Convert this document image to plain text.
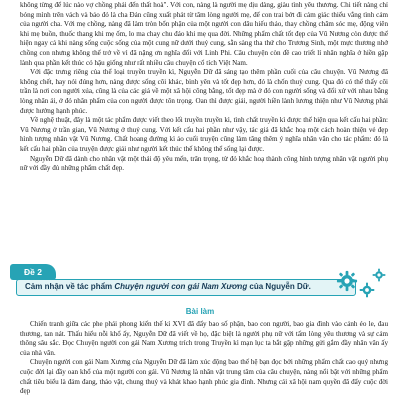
không từng để lúc nào vợ chồng phải đến thất hoà". Với con, nàng là người mẹ dịu dàng, giàu tình yêu thương. Chi tiết nàng chỉ bóng mình trên vách và bảo đó là cha Đản cũng xuất phát từ tâm lòng người mẹ, để con trai bớt đi cảm giác thiếu vắng tình cảm của người cha. Với mẹ chồng, nàng đã làm tròn bổn phận của một người con dâu hiếu thảo, thay chồng chăm sóc mẹ, động viên khi mẹ buồn, thuốc thang khi mẹ ốm, lo ma chay chu đáo khi mẹ qua đời. Những phẩm chất tốt đẹp của Vũ Nương còn được thể hiện ngay cả khi nàng sống cuộc sống của một cung nữ dưới thuỷ cung, sẵn sàng tha thứ cho Trương Sinh, một mực thương nhớ chồng con nhưng không thể trở về vì đã nặng ơn nghĩa đối với Linh Phi. Câu chuyện còn đề cao triết lí nhân nghĩa ở hiền gặp lành qua phần kết thúc có hậu giống như rất nhiều câu chuyện cổ tích Việt Nam.

Với đặc trưng riêng của thể loại truyền truyền kì, Nguyễn Dữ đã sáng tạo thêm phần cuối của câu chuyện. Vũ Nương đã không chết, hay nói đúng hơn, nàng được sống cõi khác, bình yên và tốt đẹp hơn, đó là chốn thuỷ cung. Qua đó có thể thấy cõi trần là nơi con người xúa, cũng là của các giá về một xã hội công bằng, tốt đẹp mà ở đó con người sống và đối xử với nhau bằng lòng nhân ái, ở đó nhân phẩm của con người được tôn trọng. Oan thì được giải, người hiền lành lương thiện như Vũ Nương phải được hưởng hạnh phúc.

Về nghệ thuật, đây là một tác phẩm được viết theo lối truyền truyền kì, tình chất truyền kì được thể hiện qua kết cấu hai phần: Vũ Nương ở trần gian, Vũ Nương ở thuỷ cung. Với kết cấu hai phần như vậy, tác giả đã khắc hoạ một cách hoàn thiện vẻ đẹp hình tượng nhân vật Vũ Nương. Chất hoang đường kì ảo cuối truyện cũng làm tăng thêm ý nghĩa nhân văn cho tác phẩm: đó là kết cấu hai phần của truyện được giải như người kết thúc thế không thể sống lại được.

Nguyễn Dữ đã dành cho nhân vật một thái độ yêu mến, trân trọng, từ đó khắc hoạ thành công hình tượng nhân vật người phụ nữ với đầy đủ những phẩm chất đẹp.

Cảm nhận về tác phẩm Chuyện người con gái Nam Xương của Nguyễn Dữ.
Đề 2
Bài làm

Chiến tranh giữa các phe phái phong kiến thế kỉ XVI đã đẩy bao số phận, bao con người, bao gia đình vào cảnh éo le, đau thương, tan nát. Thấu hiểu nỗi khổ ấy, Nguyễn Dữ đã viết về họ, đặc biệt là người phụ nữ với tấm lòng yêu thương và sự cảm thông sâu sắc. Đọc Chuyện người con gái Nam Xương trích trong Truyền kì mạn lục ta bắt gặp những gửi gắm đầy nhân văn ấy của nhà văn.

Chuyện người con gái Nam Xương của Nguyễn Dữ đã làm xúc động bao thế hệ bạn đọc bởi những phẩm chất cao quý nhưng cuộc đời lại đầy oan khổ của một người con gái. Vũ Nương là nhân vật trung tâm của câu chuyện, nàng nổi bật với những phẩm chất tiêu biểu là đảm đang, thảo vật, chung thuỷ và khát khao hạnh phúc gia đình. Nhưng cái xã hội nam quyền đã đẩy cuộc đời đẹp
